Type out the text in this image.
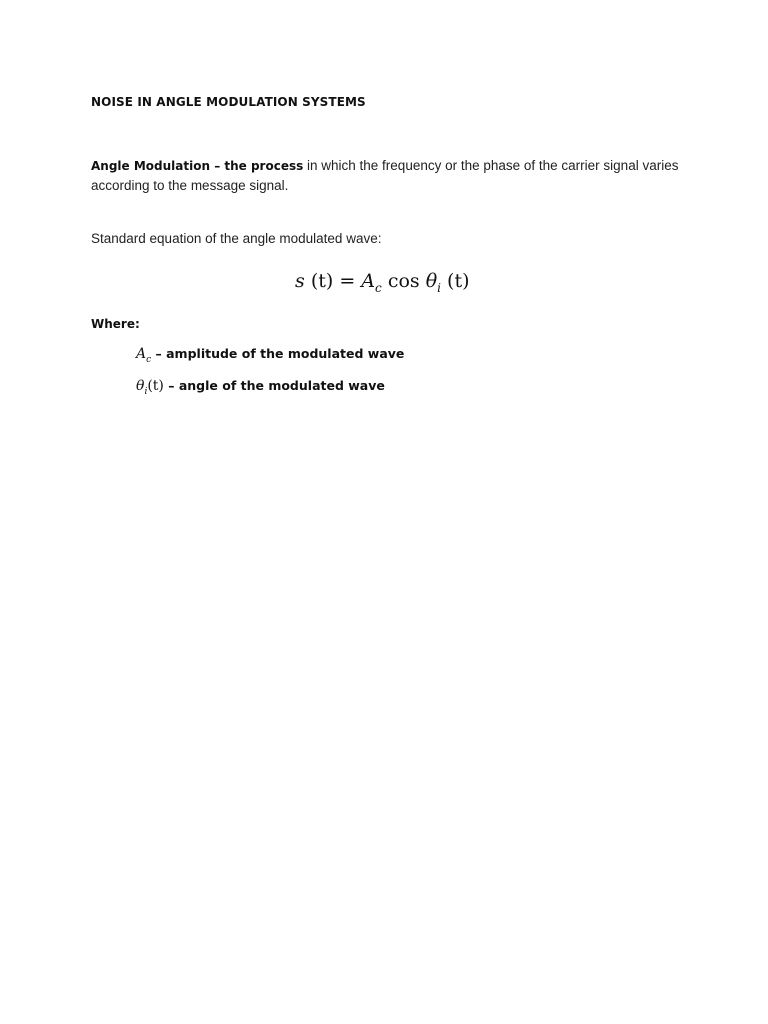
NOISE IN ANGLE MODULATION SYSTEMS
Angle Modulation – the process in which the frequency or the phase of the carrier signal varies according to the message signal.
Standard equation of the angle modulated wave:
s $(t) = A_c$ $\cos \theta_i$ (t)
Where:
$A_c$ – amplitude of the modulated wave
$\theta_i(t)$ – angle of the modulated wave
